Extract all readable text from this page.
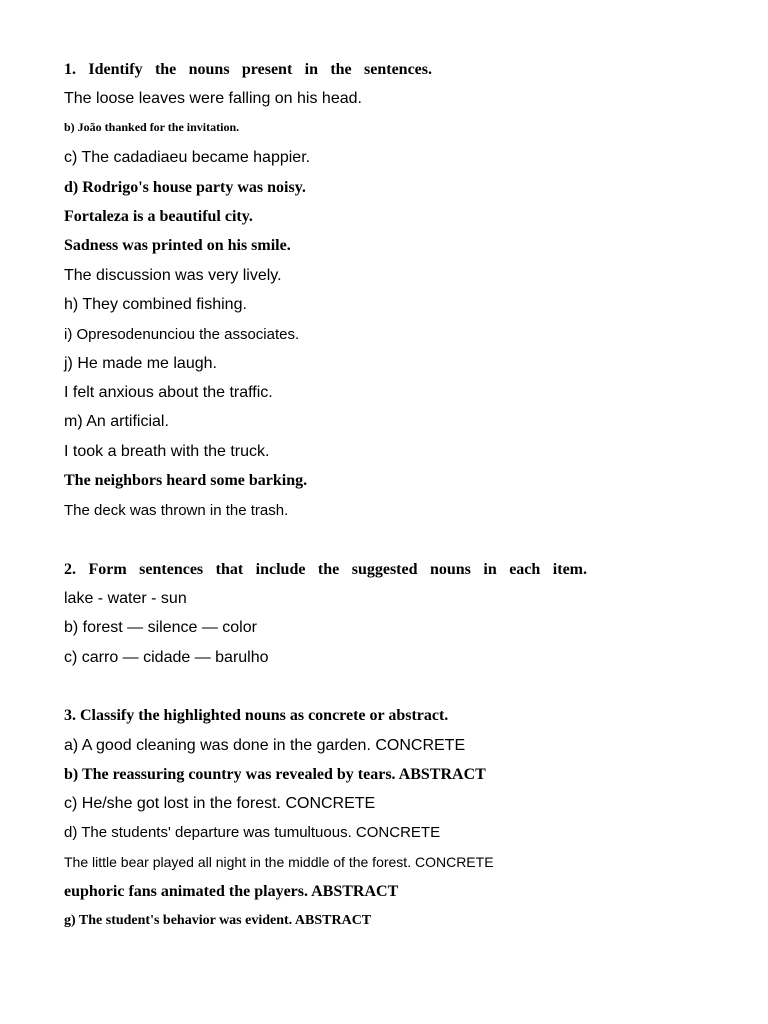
1. Identify the nouns present in the sentences.
The loose leaves were falling on his head.
b) João thanked for the invitation.
c) The cadadiaeu became happier.
d) Rodrigo's house party was noisy.
Fortaleza is a beautiful city.
Sadness was printed on his smile.
The discussion was very lively.
h) They combined fishing.
i) Opresodenunciou the associates.
j) He made me laugh.
I felt anxious about the traffic.
m) An artificial.
I took a breath with the truck.
The neighbors heard some barking.
The deck was thrown in the trash.
2. Form sentences that include the suggested nouns in each item.
lake - water - sun
b) forest — silence — color
c) carro — cidade — barulho
3. Classify the highlighted nouns as concrete or abstract.
a) A good cleaning was done in the garden. CONCRETE
b) The reassuring country was revealed by tears. ABSTRACT
c) He/she got lost in the forest. CONCRETE
d) The students' departure was tumultuous. CONCRETE
The little bear played all night in the middle of the forest. CONCRETE
euphoric fans animated the players. ABSTRACT
g) The student's behavior was evident. ABSTRACT
